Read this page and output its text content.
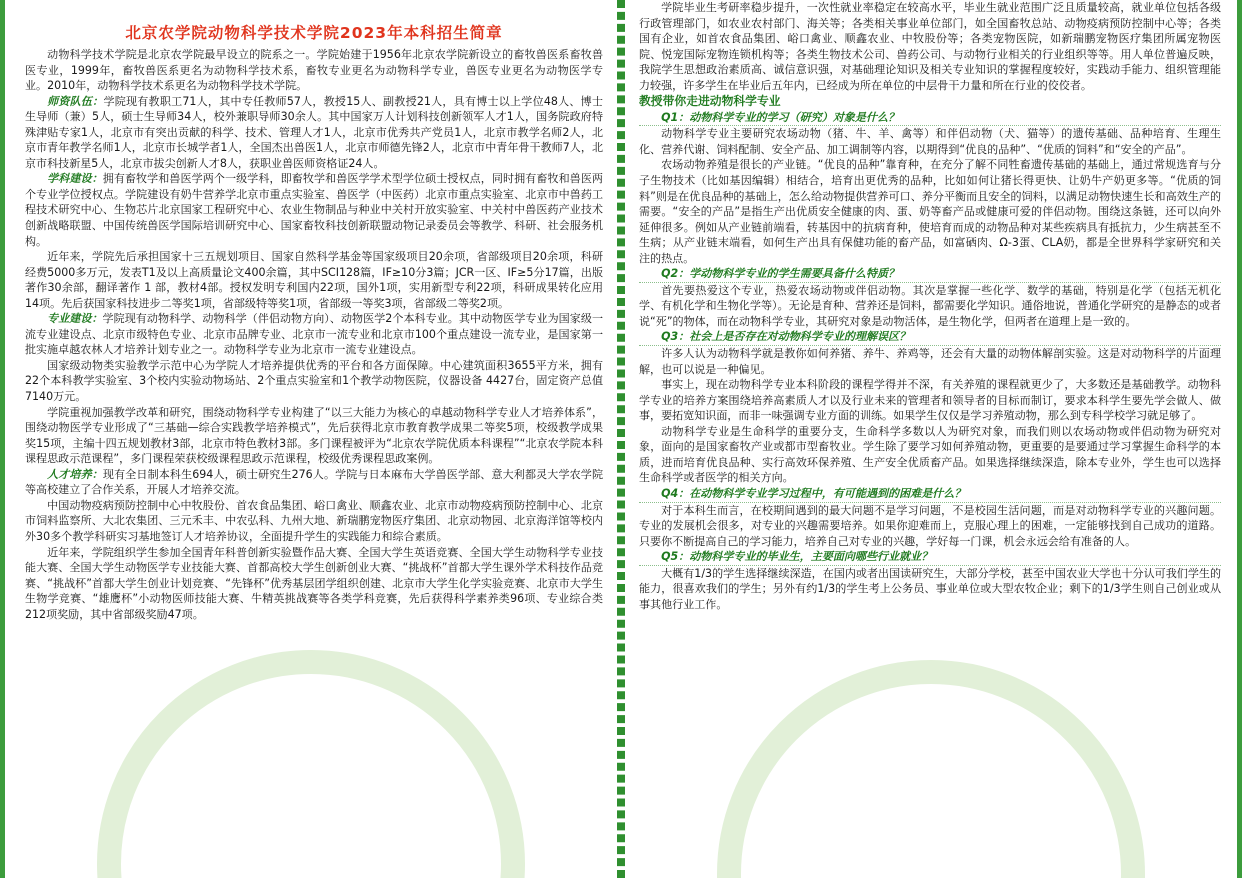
北京农学院动物科学技术学院2023年本科招生简章

动物科学技术学院是北京农学院最早设立的院系之一。学院始建于1956年北京农学院新设立的畜牧兽医系畜牧兽医专业，1999年，畜牧兽医系更名为动物科学技术系，畜牧专业更名为动物科学专业，兽医专业更名为动物医学专业。2010年，动物科学技术系更名为动物科学技术学院。

师资队伍：学院现有教职工71人，其中专任教师57人，教授15人、副教授21人，具有博士以上学位48人、博士生导师（兼）5人，硕士生导师34人，校外兼职导师30余人。其中国家万人计划科技创新领军人才1人，国务院政府特殊津贴专家1人，北京市有突出贡献的科学、技术、管理人才1人，北京市优秀共产党员1人，北京市教学名师2人，北京市青年教学名师1人，北京市长城学者1人，全国杰出兽医1人，北京市师德先锋2人，北京市中青年骨干教师7人，北京市科技新星5人，北京市拔尖创新人才8人，获职业兽医师资格证24人。

学科建设：拥有畜牧学和兽医学两个一级学科，即畜牧学和兽医学学术型学位硕士授权点，同时拥有畜牧和兽医两个专业学位授权点。学院建设有奶牛营养学北京市重点实验室、兽医学（中医药）北京市重点实验室、北京市中兽药工程技术研究中心、生物芯片北京国家工程研究中心、农业生物制品与种业中关村开放实验室、中关村中兽医药产业技术创新战略联盟、中国传统兽医学国际培训研究中心、国家畜牧科技创新联盟动物记录委员会等教学、科研、社会服务机构。

近年来，学院先后承担国家十三五规划项目、国家自然科学基金等国家级项目20余项，省部级项目20余项，科研经费5000多万元，发表T1及以上高质量论文400余篇，其中SCI128篇，IF≥10分3篇；JCR一区、IF≥5分17篇，出版著作30余部，翻译著作 1 部，教材4部。授权发明专利国内22项，国外1项，实用新型专利22项，科研成果转化应用14项。先后获国家科技进步二等奖1项，省部级特等奖1项，省部级一等奖3项，省部级二等奖2项。

专业建设：学院现有动物科学、动物科学（伴侣动物方向）、动物医学2个本科专业。其中动物医学专业为国家级一流专业建设点、北京市级特色专业、北京市品牌专业、北京市一流专业和北京市100个重点建设一流专业，是国家第一批实施卓越农林人才培养计划专业之一。动物科学专业为北京市一流专业建设点。

国家级动物类实验教学示范中心为学院人才培养提供优秀的平台和各方面保障。中心建筑面积3655平方米，拥有22个本科教学实验室、3个校内实验动物场站、2个重点实验室和1个教学动物医院，仪器设备 4427台，固定资产总值 7140万元。

学院重视加强教学改革和研究，围绕动物科学专业构建了“以三大能力为核心的卓越动物科学专业人才培养体系”，围绕动物医学专业形成了“三基础—综合实践教学培养模式”，先后获得北京市教育教学成果二等奖5项，校级教学成果奖15项，主编十四五规划教材3部，北京市特色教材3部。多门课程被评为“北京农学院优质本科课程”“北京农学院本科课程思政示范课程”，多门课程荣获校级课程思政示范课程，校级优秀课程思政案例。

人才培养：现有全日制本科生694人，硕士研究生276人。学院与日本麻布大学兽医学部、意大利都灵大学农学院等高校建立了合作关系，开展人才培养交流。

中国动物疫病预防控制中心中牧股份、首农食品集团、峪口禽业、顺鑫农业、北京市动物疫病预防控制中心、北京市饲料监察所、大北农集团、三元禾丰、中农弘科、九州大地、新瑞鹏宠物医疗集团、北京动物园、北京海洋馆等校内外30多个教学科研实习基地签订人才培养协议，全面提升学生的实践能力和综合素质。

近年来，学院组织学生参加全国青年科普创新实验暨作品大赛、全国大学生英语竞赛、全国大学生动物科学专业技能大赛、全国大学生动物医学专业技能大赛、首都高校大学生创新创业大赛、“挑战杯”首都大学生课外学术科技作品竞赛、“挑战杯”首都大学生创业计划竞赛、“先锋杯”优秀基层团学组织创建、北京市大学生化学实验竞赛、北京市大学生生物学竞赛、“雄鹰杯”小动物医师技能大赛、牛精英挑战赛等各类学科竞赛，先后获得科学素养类96项、专业综合类212项奖励，其中省部级奖励47项。

学院毕业生考研率稳步提升，一次性就业率稳定在较高水平，毕业生就业范围广泛且质量较高，就业单位包括各级行政管理部门，如农业农村部门、海关等；各类相关事业单位部门，如全国畜牧总站、动物疫病预防控制中心等；各类国有企业，如首农食品集团、峪口禽业、顺鑫农业、中牧股份等；各类宠物医院，如新瑞鹏宠物医疗集团所属宠物医院、悦宠国际宠物连锁机构等；各类生物技术公司、兽药公司、与动物行业相关的行业组织等等。用人单位普遍反映，我院学生思想政治素质高、诚信意识强，对基础理论知识及相关专业知识的掌握程度较好，实践动手能力、组织管理能力较强，许多学生在毕业后五年内，已经成为所在单位的中层骨干力量和所在行业的佼佼者。

教授带你走进动物科学专业
Q1：动物科学专业的学习（研究）对象是什么？

动物科学专业主要研究农场动物（猪、牛、羊、禽等）和伴侣动物（犬、猫等）的遗传基础、品种培育、生理生化、营养代谢、饲料配制、安全产品、加工调制等内容，以期得到“优良的品种”、“优质的饲料”和“安全的产品”。

农场动物养殖是很长的产业链。“优良的品种”靠育种，在充分了解不同牲畜遗传基础的基础上，通过常规选育与分子生物技术（比如基因编辑）相结合，培育出更优秀的品种，比如如何让猪长得更快、让奶牛产奶更多等。“优质的饲料”则是在优良品种的基础上，怎么给动物提供营养可口、养分平衡而且安全的饲料，以满足动物快速生长和高效生产的需要。“安全的产品”是指生产出优质安全健康的肉、蛋、奶等畜产品或健康可爱的伴侣动物。围绕这条链，还可以向外延伸很多。例如从产业链前端看，转基因中的抗病育种，使培育而成的动物品种对某些疾病具有抵抗力，少生病甚至不生病；从产业链末端看，如何生产出具有保健功能的畜产品，如富硒肉、Ω-3蛋、CLA奶，都是全世界科学家研究和关注的热点。

Q2：学动物科学专业的学生需要具备什么特质？

首先要热爱这个专业，热爱农场动物或伴侣动物。其次是掌握一些化学、数学的基础，特别是化学（包括无机化学、有机化学和生物化学等）。无论是育种、营养还是饲料，都需要化学知识。通俗地说，普通化学研究的是静态的或者说“死”的物体，而在动物科学专业，其研究对象是动物活体，是生物化学，但两者在道理上是一致的。

Q3：社会上是否存在对动物科学专业的理解误区？

许多人认为动物科学就是教你如何养猪、养牛、养鸡等，还会有大量的动物体解剖实验。这是对动物科学的片面理解，也可以说是一种偏见。

事实上，现在动物科学专业本科阶段的课程学得并不深，有关养殖的课程就更少了，大多数还是基础教学。动物科学专业的培养方案围绕培养高素质人才以及行业未来的管理者和领导者的目标而制订，要求本科学生要先学会做人、做事，要拓宽知识面，而非一味强调专业方面的训练。如果学生仅仅是学习养殖动物，那么到专科学校学习就足够了。

动物科学专业是生命科学的重要分支，生命科学多数以人为研究对象，而我们则以农场动物或伴侣动物为研究对象，面向的是国家畜牧产业或都市型畜牧业。学生除了要学习如何养殖动物，更重要的是要通过学习掌握生命科学的本质，进而培育优良品种、实行高效环保养殖、生产安全优质畜产品。如果选择继续深造，除本专业外，学生也可以选择生命科学或者医学的相关方向。

Q4：在动物科学专业学习过程中，有可能遇到的困难是什么？

对于本科生而言，在校期间遇到的最大问题不是学习问题，不是校园生活问题，而是对动物科学专业的兴趣问题。专业的发展机会很多，对专业的兴趣需要培养。如果你迎难而上，克服心理上的困难，一定能够找到自己成功的道路。只要你不断提高自己的学习能力，培养自己对专业的兴趣，学好每一门课，机会永远会给有准备的人。

Q5：动物科学专业的毕业生，主要面向哪些行业就业？

大概有1/3的学生选择继续深造，在国内或者出国读研究生，大部分学校，甚至中国农业大学也十分认可我们学生的能力，很喜欢我们的学生；另外有约1/3的学生考上公务员、事业单位或大型农牧企业；剩下的1/3学生则自己创业或从事其他行业工作。
